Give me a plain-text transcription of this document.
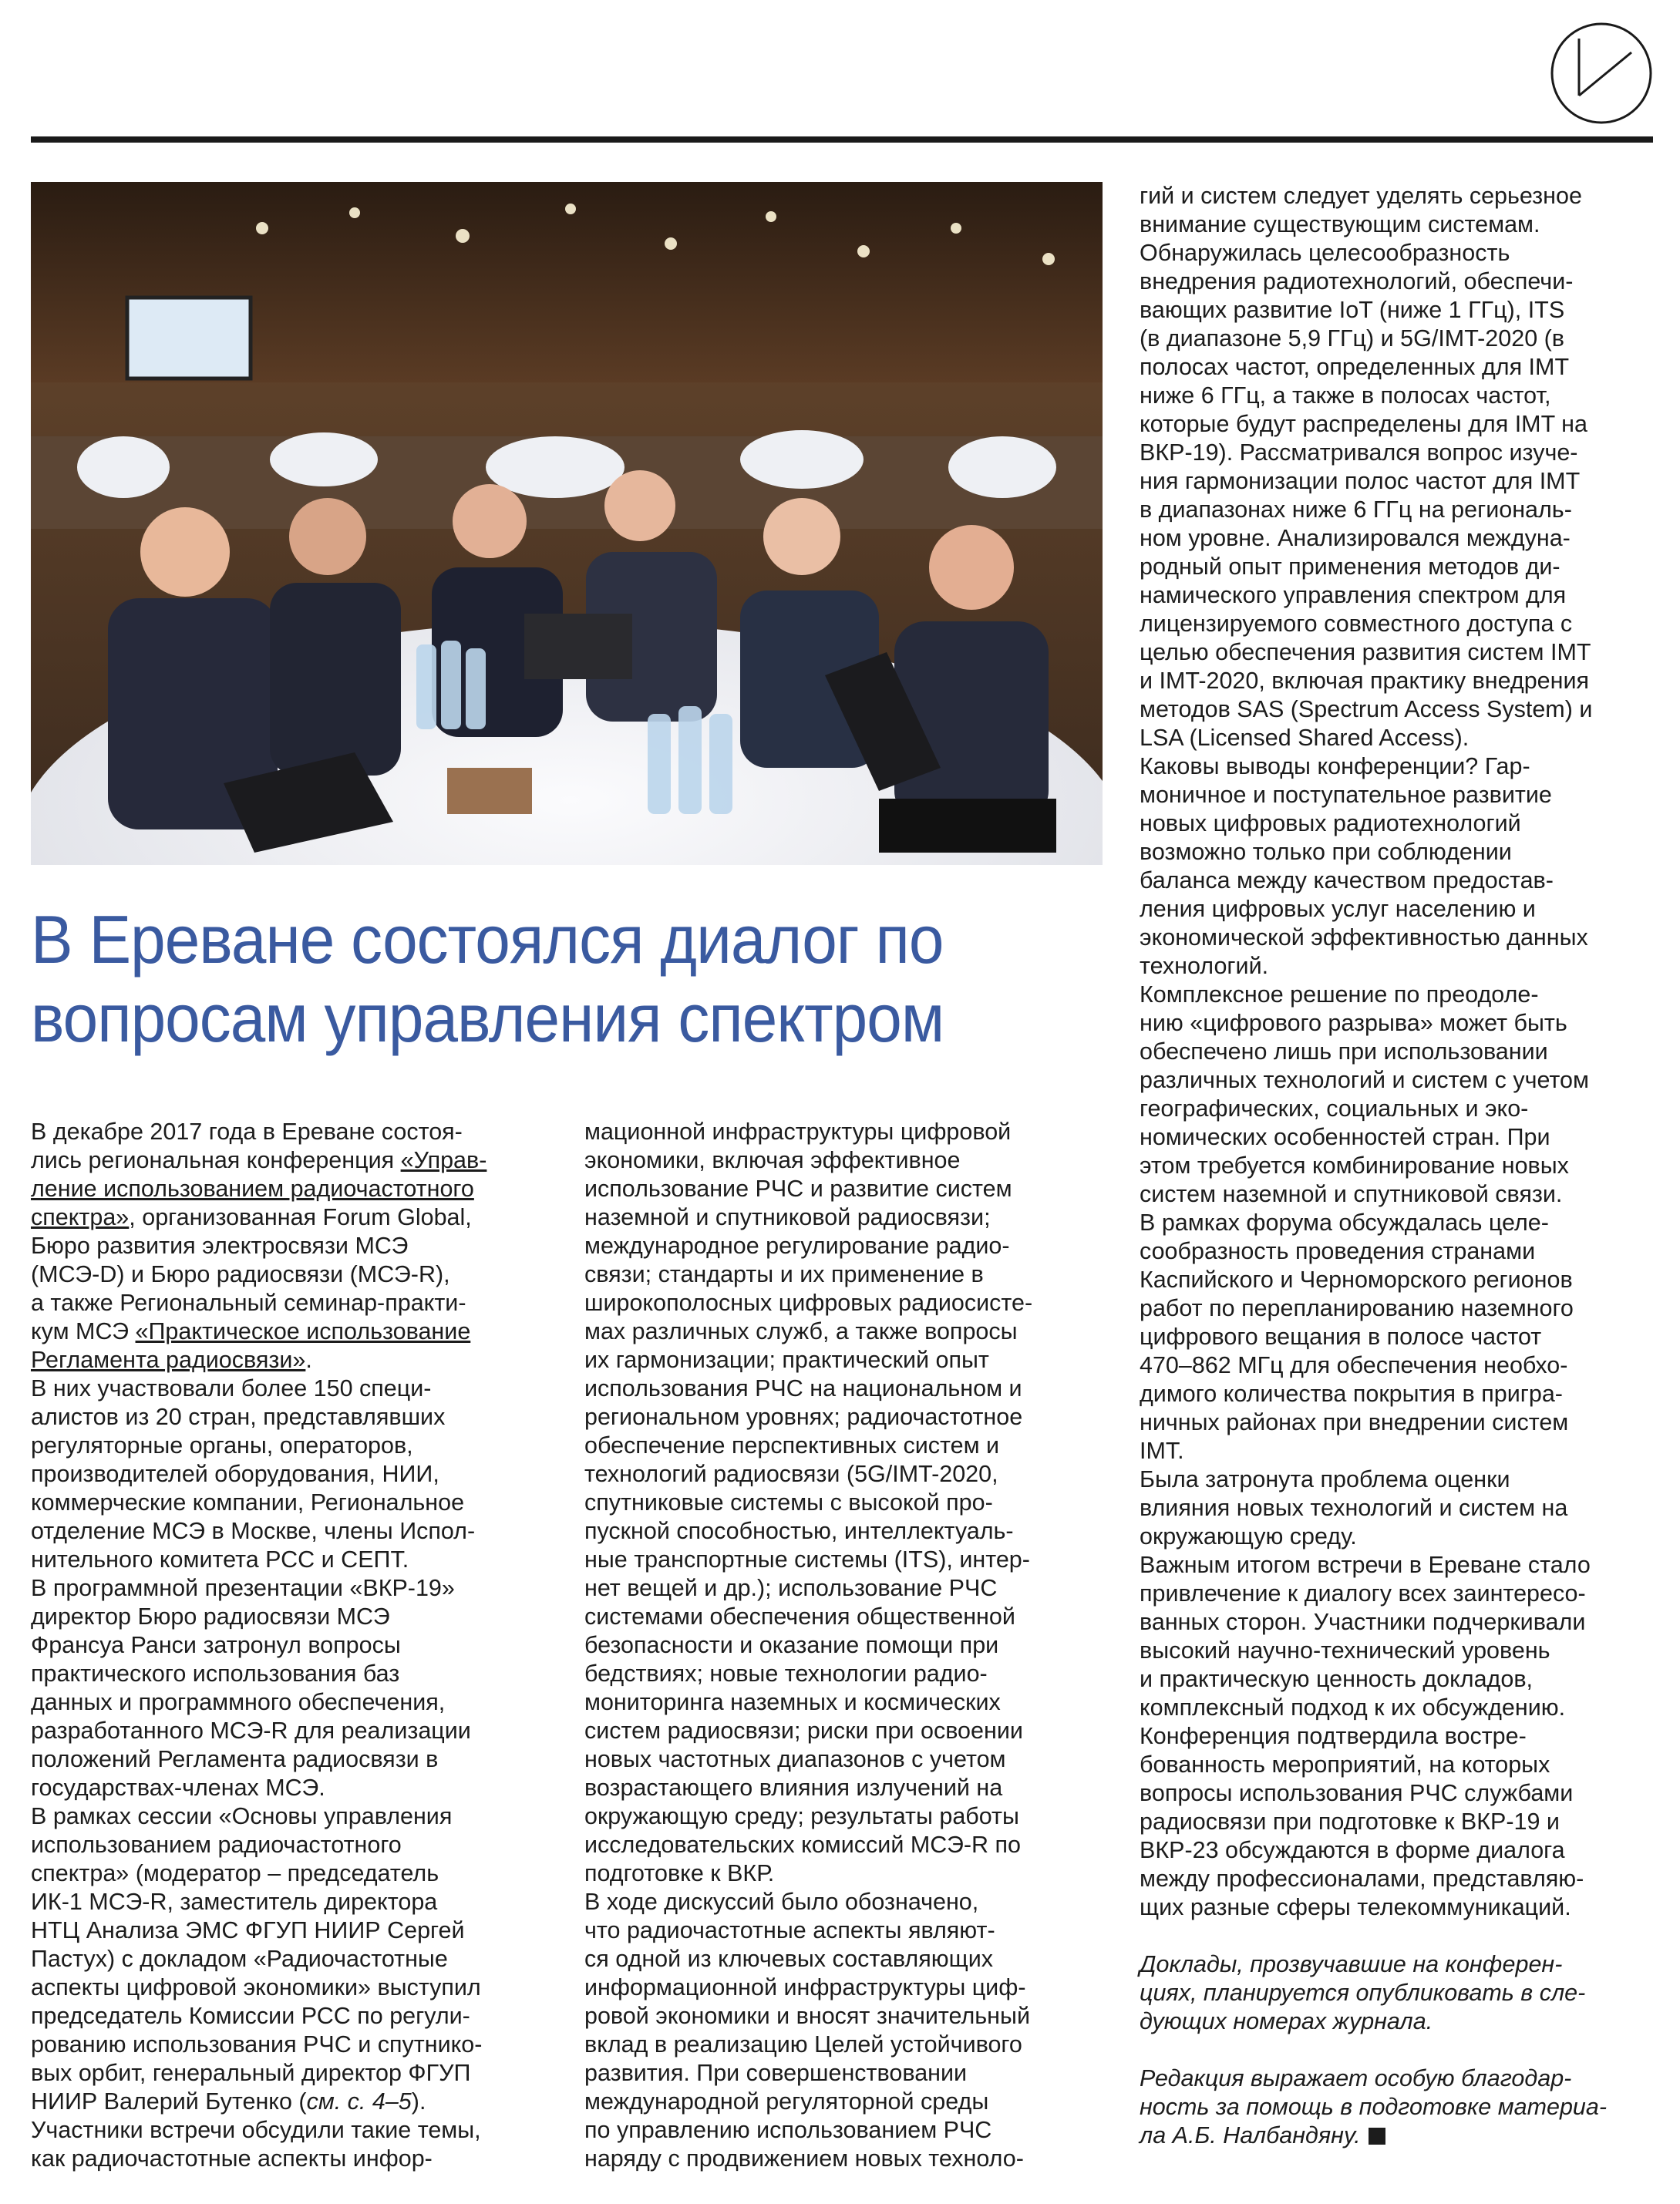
В Ереване состоялся диалог по
вопросам управления спектром

В декабре 2017 года в Ереване состоя-

лись региональная конференция «Управ-

ление использованием радиочастотного

спектра», организованная Forum Global,

Бюро развития электросвязи МСЭ

(МСЭ-D) и Бюро радиосвязи (МСЭ-R),

а также Региональный семинар-практи-

кум МСЭ «Практическое использование

Регламента радиосвязи».

В них участвовали более 150 специ-

алистов из 20 стран, представлявших

регуляторные органы, операторов,

производителей оборудования, НИИ,

коммерческие компании, Региональное

отделение МСЭ в Москве, члены Испол-

нительного комитета РСС и СЕПТ.

В программной презентации «ВКР-19»

директор Бюро радиосвязи МСЭ

Франсуа Ранси затронул вопросы

практического использования баз

данных и программного обеспечения,

разработанного МСЭ-R для реализации

положений Регламента радиосвязи в

государствах-членах МСЭ.

В рамках сессии «Основы управления

использованием радиочастотного

спектра» (модератор – председатель

ИК-1 МСЭ-R, заместитель директора

НТЦ Анализа ЭМС ФГУП НИИР Сергей

Пастух) с докладом «Радиочастотные

аспекты цифровой экономики» выступил

председатель Комиссии РСС по регули-

рованию использования РЧС и спутнико-

вых орбит, генеральный директор ФГУП

НИИР Валерий Бутенко (см. с. 4–5).

Участники встречи обсудили такие темы,

как радиочастотные аспекты инфор-

мационной инфраструктуры цифровой

экономики, включая эффективное

использование РЧС и развитие систем

наземной и спутниковой радиосвязи;

международное регулирование радио-

связи; стандарты и их применение в

широкополосных цифровых радиосисте-

мах различных служб, а также вопросы

их гармонизации; практический опыт

использования РЧС на национальном и

региональном уровнях; радиочастотное

обеспечение перспективных систем и

технологий радиосвязи (5G/IMT-2020,

спутниковые системы с высокой про-

пускной способностью, интеллектуаль-

ные транспортные системы (ITS), интер-

нет вещей и др.); использование РЧС

системами обеспечения общественной

безопасности и оказание помощи при

бедствиях; новые технологии радио-

мониторинга наземных и космических

систем радиосвязи; риски при освоении

новых частотных диапазонов с учетом

возрастающего влияния излучений на

окружающую среду; результаты работы

исследовательских комиссий МСЭ-R по

подготовке к ВКР.

В ходе дискуссий было обозначено,

что радиочастотные аспекты являют-

ся одной из ключевых составляющих

информационной инфраструктуры циф-

ровой экономики и вносят значительный

вклад в реализацию Целей устойчивого

развития. При совершенствовании

международной регуляторной среды

по управлению использованием РЧС

наряду с продвижением новых техноло-

гий и систем следует уделять серьезное

внимание существующим системам.

Обнаружилась целесообразность

внедрения радиотехнологий, обеспечи-

вающих развитие IoT (ниже 1 ГГц), ITS

(в диапазоне 5,9 ГГц) и 5G/IMT-2020 (в

полосах частот, определенных для IMT

ниже 6 ГГц, а также в полосах частот,

которые будут распределены для IMT на

ВКР-19). Рассматривался вопрос изуче-

ния гармонизации полос частот для IMT

в диапазонах ниже 6 ГГц на региональ-

ном уровне. Анализировался междуна-

родный опыт применения методов ди-

намического управления спектром для

лицензируемого совместного доступа с

целью обеспечения развития систем IMT

и IMT-2020, включая практику внедрения

методов SAS (Spectrum Access System) и

LSA (Licensed Shared Access).

Каковы выводы конференции? Гар-

моничное и поступательное развитие

новых цифровых радиотехнологий

возможно только при соблюдении

баланса между качеством предостав-

ления цифровых услуг населению и

экономической эффективностью данных

технологий.

Комплексное решение по преодоле-

нию «цифрового разрыва» может быть

обеспечено лишь при использовании

различных технологий и систем с учетом

географических, социальных и эко-

номических особенностей стран. При

этом требуется комбинирование новых

систем наземной и спутниковой связи.

В рамках форума обсуждалась целе-

сообразность проведения странами

Каспийского и Черноморского регионов

работ по перепланированию наземного

цифрового вещания в полосе частот

470–862 МГц для обеспечения необхо-

димого количества покрытия в пригра-

ничных районах при внедрении систем

IMT.

Была затронута проблема оценки

влияния новых технологий и систем на

окружающую среду.

Важным итогом встречи в Ереване стало

привлечение к диалогу всех заинтересо-

ванных сторон. Участники подчеркивали

высокий научно-технический уровень

и практическую ценность докладов,

комплексный подход к их обсуждению.

Конференция подтвердила востре-

бованность мероприятий, на которых

вопросы использования РЧС службами

радиосвязи при подготовке к ВКР-19 и

ВКР-23 обсуждаются в форме диалога

между профессионалами, представляю-

щих разные сферы телекоммуникаций.

Доклады, прозвучавшие на конферен-

циях, планируется опубликовать в сле-

дующих номерах журнала.

Редакция выражает особую благодар-

ность за помощь в подготовке материа-

ла А.Б. Налбандяну.
